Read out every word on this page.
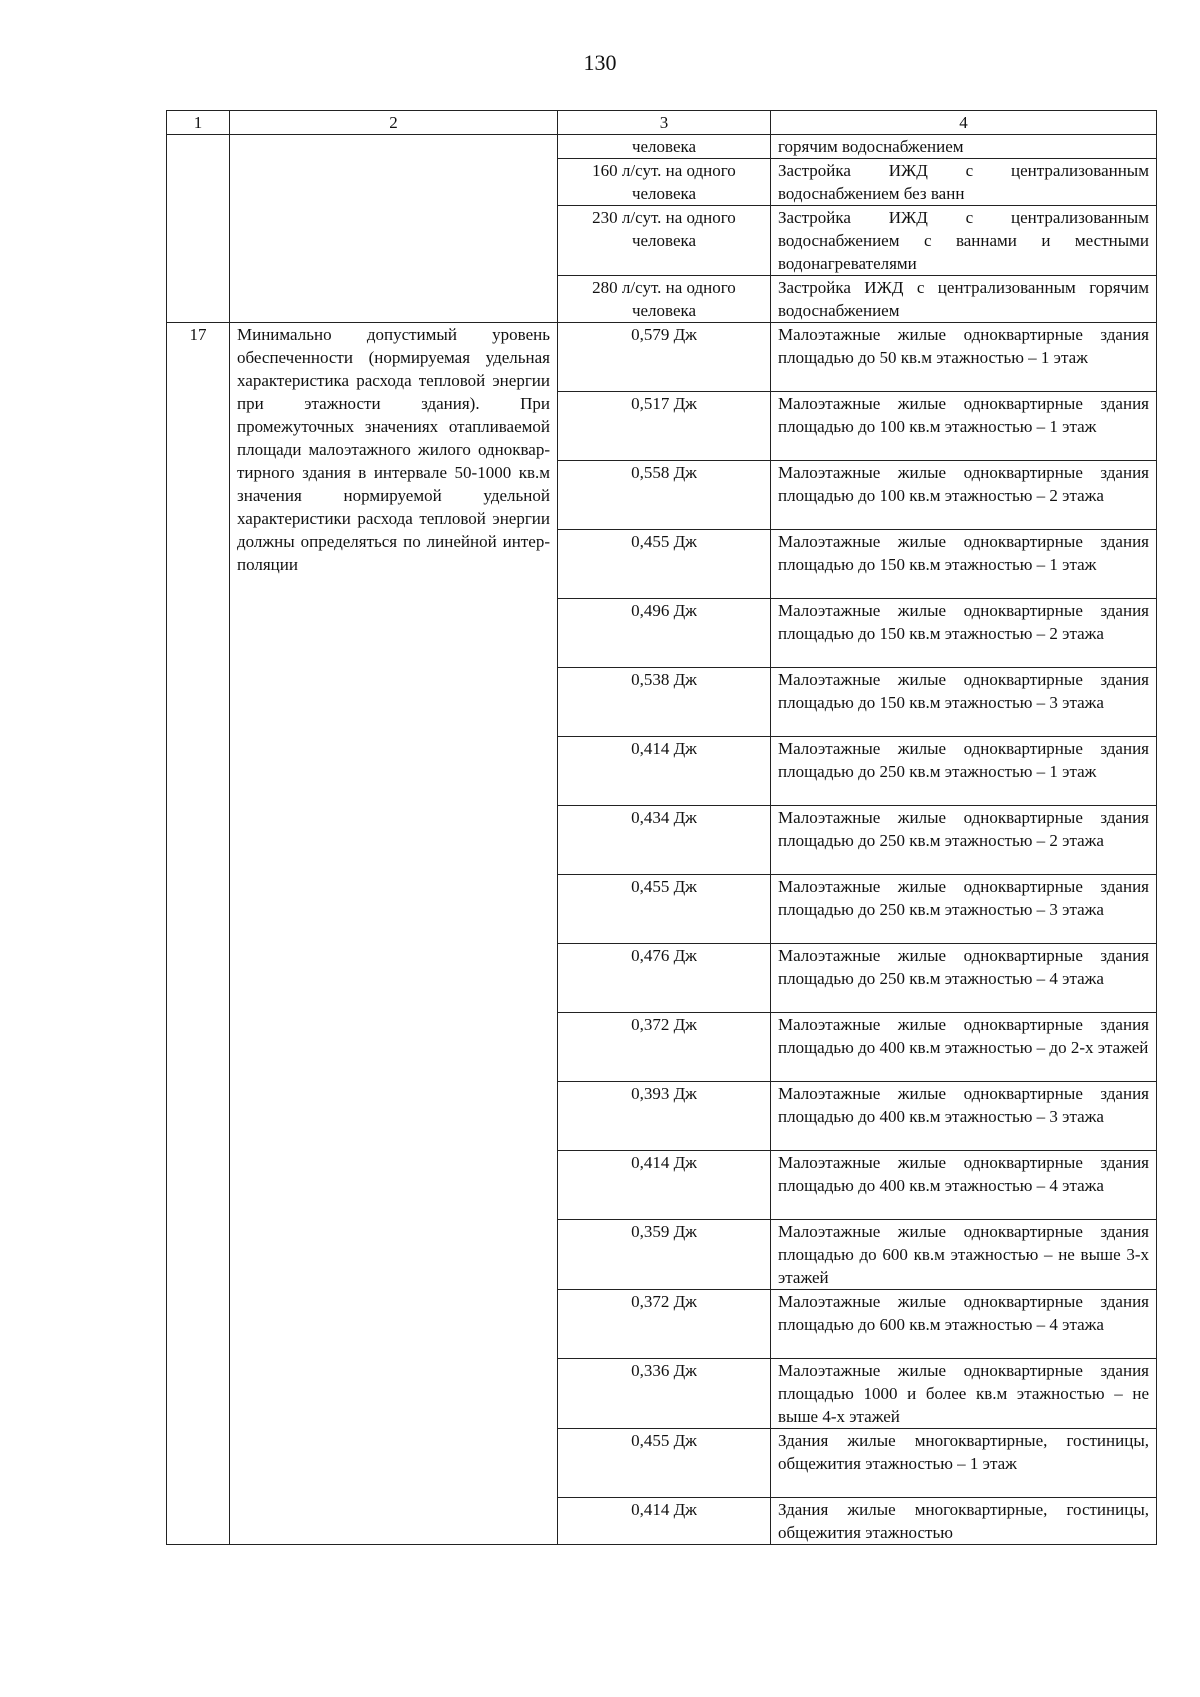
130
1	2	3	4
		человека	горячим водоснабжением
		160 л/сут. на одного человека	Застройка ИЖД с централизованным водоснабжением без ванн
		230 л/сут. на одного человека	Застройка ИЖД с централизованным водоснабжением с ваннами и местными водонагревателями
		280 л/сут. на одного человека	Застройка ИЖД с централизованным горячим водоснабжением
17	Минимально допустимый уровень обеспеченности (нормируемая удельная характеристика расхода тепловой энергии при этажности здания). При промежуточных значениях отапливаемой площади малоэтажного жилого одноквартирного здания в интервале 50-1000 кв.м значения нормируемой удельной характеристики расхода тепловой энергии должны определяться по линейной интерполяции	0,579 Дж	Малоэтажные жилые одноквартирные здания площадью до 50 кв.м этажностью – 1 этаж
		0,517 Дж	Малоэтажные жилые одноквартирные здания площадью до 100 кв.м этажностью – 1 этаж
		0,558 Дж	Малоэтажные жилые одноквартирные здания площадью до 100 кв.м этажностью – 2 этажа
		0,455 Дж	Малоэтажные жилые одноквартирные здания площадью до 150 кв.м этажностью – 1 этаж
		0,496 Дж	Малоэтажные жилые одноквартирные здания площадью до 150 кв.м этажностью – 2 этажа
		0,538 Дж	Малоэтажные жилые одноквартирные здания площадью до 150 кв.м этажностью – 3 этажа
		0,414 Дж	Малоэтажные жилые одноквартирные здания площадью до 250 кв.м этажностью – 1 этаж
		0,434 Дж	Малоэтажные жилые одноквартирные здания площадью до 250 кв.м этажностью – 2 этажа
		0,455 Дж	Малоэтажные жилые одноквартирные здания площадью до 250 кв.м этажностью – 3 этажа
		0,476 Дж	Малоэтажные жилые одноквартирные здания площадью до 250 кв.м этажностью – 4 этажа
		0,372 Дж	Малоэтажные жилые одноквартирные здания площадью до 400 кв.м этажностью – до 2-х этажей
		0,393 Дж	Малоэтажные жилые одноквартирные здания площадью до 400 кв.м этажностью – 3 этажа
		0,414 Дж	Малоэтажные жилые одноквартирные здания площадью до 400 кв.м этажностью – 4 этажа
		0,359 Дж	Малоэтажные жилые одноквартирные здания площадью до 600 кв.м этажностью – не выше 3-х этажей
		0,372 Дж	Малоэтажные жилые одноквартирные здания площадью до 600 кв.м этажностью – 4 этажа
		0,336 Дж	Малоэтажные жилые одноквартирные здания площадью 1000 и более кв.м этажностью – не выше 4-х этажей
		0,455 Дж	Здания жилые многоквартирные, гостиницы, общежития этажностью – 1 этаж
		0,414 Дж	Здания жилые многоквартирные, гостиницы, общежития этажностью
